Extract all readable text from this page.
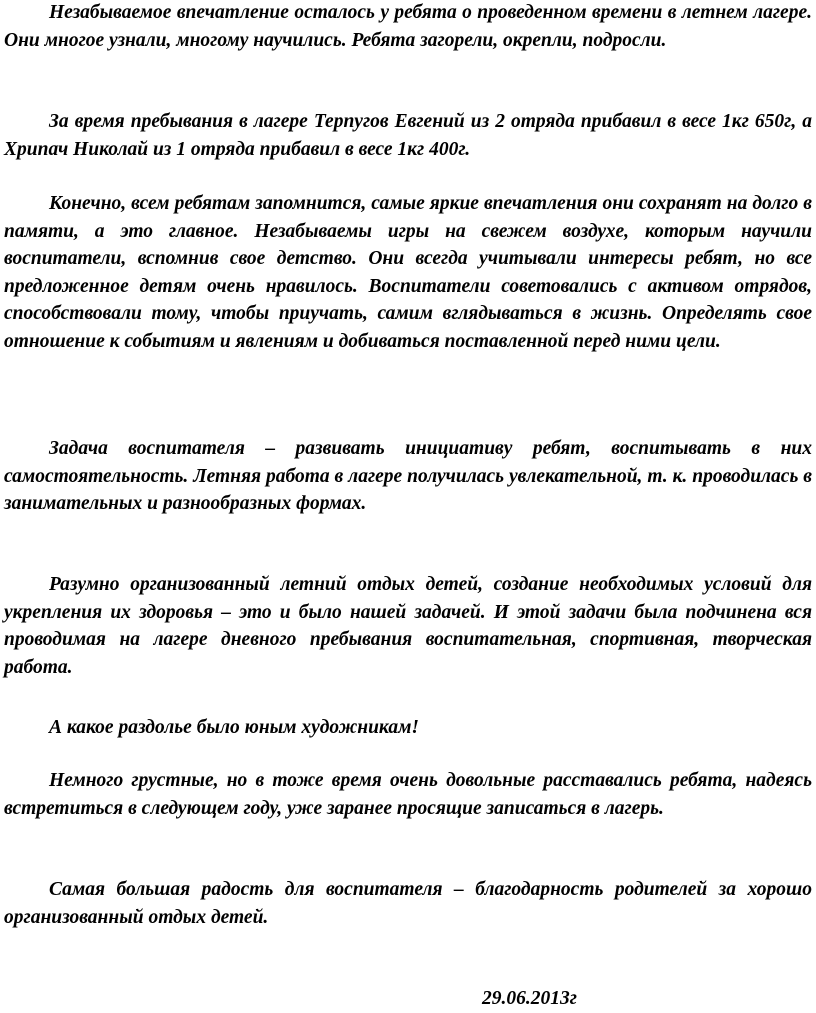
Незабываемое впечатление осталось у ребята о проведенном времени в летнем лагере. Они многое узнали, многому научились. Ребята загорели, окрепли, подросли.

За время пребывания в лагере Терпугов Евгений из 2 отряда прибавил в весе 1кг 650г, а Хрипач Николай из 1 отряда прибавил в весе 1кг 400г.

Конечно, всем ребятам запомнится, самые яркие впечатления они сохранят на долго в памяти, а это главное. Незабываемы игры на свежем воздухе, которым научили воспитатели, вспомнив свое детство. Они всегда учитывали интересы ребят, но все предложенное детям очень нравилось. Воспитатели советовались с активом отрядов, способствовали тому, чтобы приучать, самим вглядываться в жизнь. Определять свое отношение к событиям и явлениям и добиваться поставленной перед ними цели.

Задача воспитателя – развивать инициативу ребят, воспитывать в них самостоятельность. Летняя работа в лагере получилась увлекательной, т. к. проводилась в занимательных и разнообразных формах.

Разумно организованный летний отдых детей, создание необходимых условий для укрепления их здоровья – это и было нашей задачей. И этой задачи была подчинена вся проводимая на лагере дневного пребывания воспитательная, спортивная, творческая работа.

А какое раздолье было юным художникам!

Немного грустные, но в тоже время очень довольные расставались ребята, надеясь встретиться в следующем году, уже заранее просящие записаться в лагерь.

Самая большая радость для воспитателя – благодарность родителей за хорошо организованный отдых детей.

29.06.2013г
